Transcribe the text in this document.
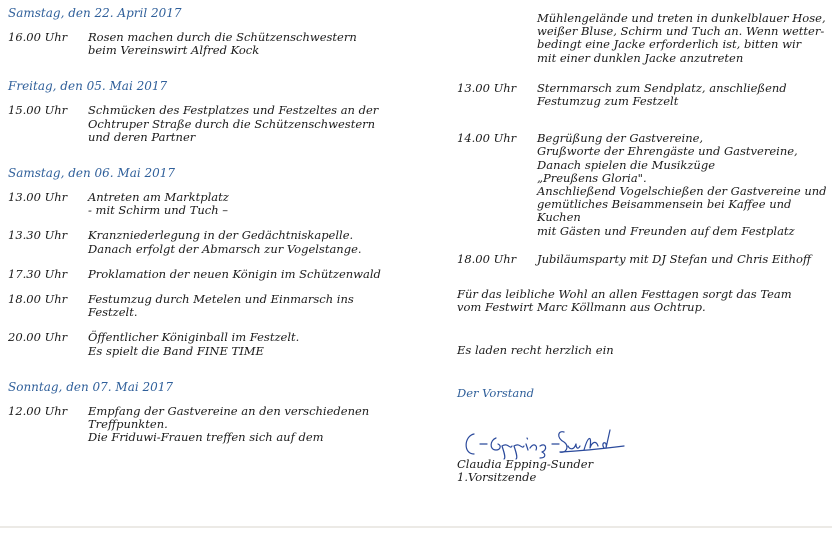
Samstag, den 22. April 2017

16.00 Uhr	Rosen machen durch die Schützenschwestern
beim Vereinswirt Alfred Kock

Freitag, den 05. Mai 2017

15.00 Uhr	Schmücken des Festplatzes und Festzeltes an der
Ochtruper Straße durch die Schützenschwestern
und deren Partner

Samstag, den 06. Mai 2017

13.00 Uhr	Antreten am Marktplatz
- mit Schirm und Tuch –
13.30 Uhr	Kranzniederlegung in der Gedächtniskapelle.
Danach erfolgt der Abmarsch zur Vogelstange.
17.30 Uhr	Proklamation der neuen Königin im Schützenwald
18.00 Uhr	Festumzug durch Metelen und Einmarsch ins
Festzelt.
20.00 Uhr	Öffentlicher Königinball im Festzelt.
Es spielt die Band FINE TIME

Sonntag, den 07. Mai 2017

12.00 Uhr	Empfang der Gastvereine an den verschiedenen
Treffpunkten.
Die Friduwi-Frauen treffen sich auf dem
Mühlengelände und treten in dunkelblauer Hose,
weißer Bluse, Schirm und Tuch an. Wenn wetter-
bedingt eine Jacke erforderlich ist, bitten wir
mit einer dunklen Jacke anzutreten
13.00 Uhr	Sternmarsch zum Sendplatz, anschließend
Festumzug zum Festzelt
14.00 Uhr	Begrüßung der Gastvereine,
Grußworte der Ehrengäste und Gastvereine,
Danach spielen die Musikzüge
„Preußens Gloria".
Anschließend Vogelschießen der Gastvereine und
gemütliches Beisammensein bei Kaffee und Kuchen
mit Gästen und Freunden auf dem Festplatz
18.00 Uhr	Jubiläumsparty mit DJ Stefan und Chris Eithoff

Für das leibliche Wohl an allen Festtagen sorgt das Team
vom Festwirt Marc Köllmann aus Ochtrup.

Es laden recht herzlich ein

Der Vorstand

Claudia Epping-Sunder

1.Vorsitzende
